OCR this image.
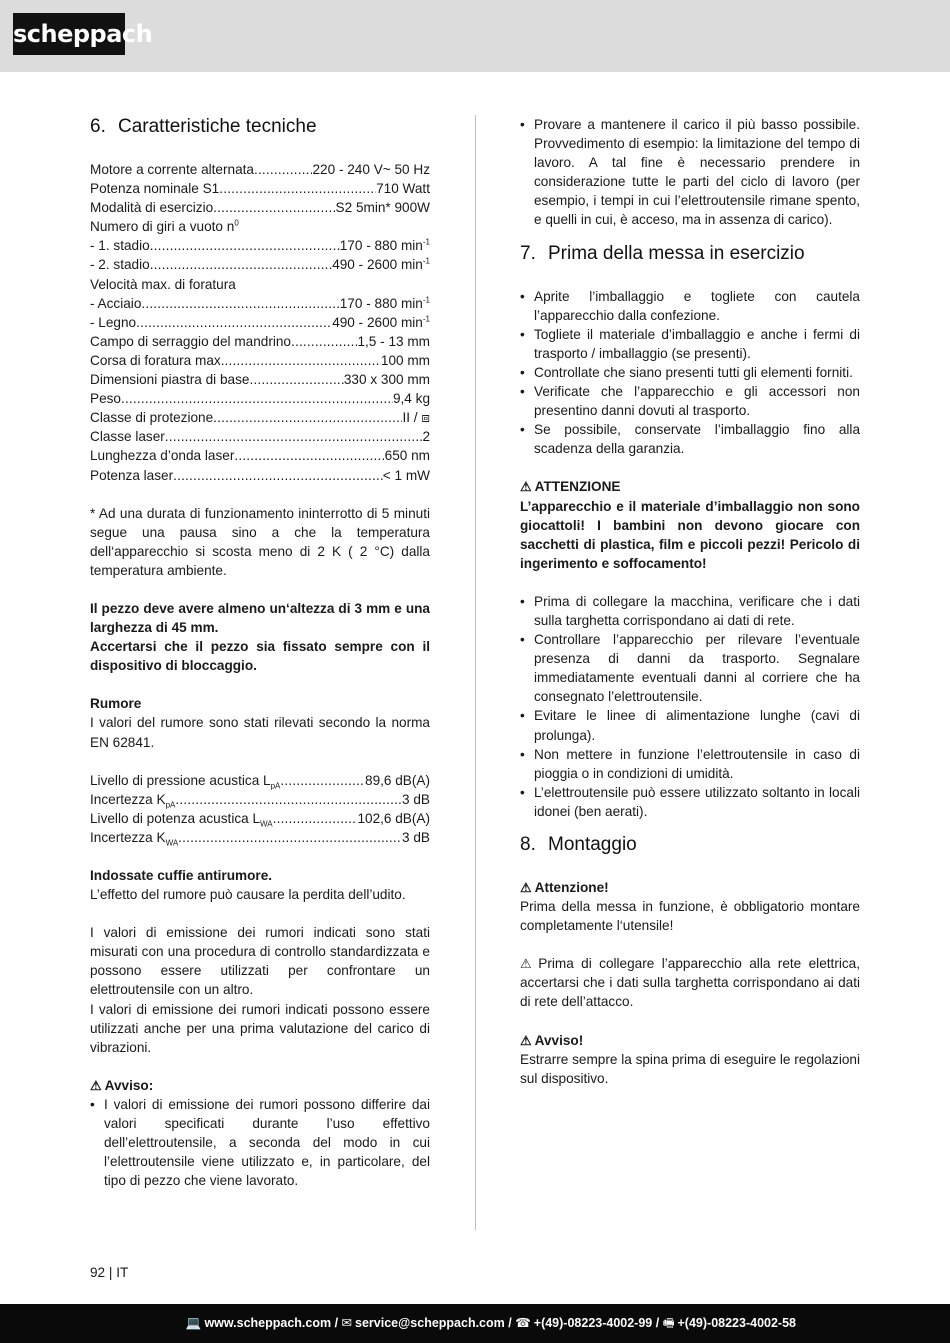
scheppach
6. Caratteristiche tecniche
Motore a corrente alternata .....	220 - 240 V~ 50 Hz
Potenza nominale S1 .....	710 Watt
Modalità di esercizio .....	S2 5min* 900W

Numero di giri a vuoto $n^0$

- 1. stadio .....	170 - 880 $\min^{-1}$
- 2. stadio .....	490 - 2600 $\min^{-1}$

Velocità max. di foratura

- Acciaio .....	170 - 880 $\min^{-1}$
- Legno .....	490 - 2600 $\min^{-1}$
Campo di serraggio del mandrino .....	1,5 - 13 mm
Corsa di foratura max. .....	100 mm
Dimensioni piastra di base .....	330 x 300 mm
Peso .....	9,4 kg
Classe di protezione .....	II / ⧈
Classe laser .....	2
Lunghezza d’onda laser .....	650 nm
Potenza laser .....	< 1 mW

* Ad una durata di funzionamento ininterrotto di 5 minuti segue una pausa sino a che la temperatura dell‘apparecchio si scosta meno di 2 K ( 2 °C) dalla temperatura ambiente.

Il pezzo deve avere almeno un‘altezza di 3 mm e una larghezza di 45 mm.

Accertarsi che il pezzo sia fissato sempre con il dispositivo di bloccaggio.

Rumore

I valori del rumore sono stati rilevati secondo la norma EN 62841.

Livello di pressione acustica $L_{pA}$ .....	89,6 dB(A)
Incertezza $K_{pA}$ .....	3 dB
Livello di potenza acustica $L_{WA}$ .....	102,6 dB(A)
Incertezza $K_{WA}$ .....	3 dB

Indossate cuffie antirumore.

L’effetto del rumore può causare la perdita dell’udito.

I valori di emissione dei rumori indicati sono stati misurati con una procedura di controllo standardizzata e possono essere utilizzati per confrontare un elettroutensile con un altro.

I valori di emissione dei rumori indicati possono essere utilizzati anche per una prima valutazione del carico di vibrazioni.

⚠ Avviso:

• I valori di emissione dei rumori possono differire dai valori specificati durante l’uso effettivo dell’elettroutensile, a seconda del modo in cui l’elettroutensile viene utilizzato e, in particolare, del tipo di pezzo che viene lavorato.
• Provare a mantenere il carico il più basso possibile. Provvedimento di esempio: la limitazione del tempo di lavoro. A tal fine è necessario prendere in considerazione tutte le parti del ciclo di lavoro (per esempio, i tempi in cui l’elettroutensile rimane spento, e quelli in cui, è acceso, ma in assenza di carico).
7. Prima della messa in esercizio
• Aprite l’imballaggio e togliete con cautela l’apparecchio dalla confezione.
• Togliete il materiale d’imballaggio e anche i fermi di trasporto / imballaggio (se presenti).
• Controllate che siano presenti tutti gli elementi forniti.
• Verificate che l’apparecchio e gli accessori non presentino danni dovuti al trasporto.
• Se possibile, conservate l’imballaggio fino alla scadenza della garanzia.

⚠ ATTENZIONE

L’apparecchio e il materiale d’imballaggio non sono giocattoli! I bambini non devono giocare con sacchetti di plastica, film e piccoli pezzi! Pericolo di ingerimento e soffocamento!

• Prima di collegare la macchina, verificare che i dati sulla targhetta corrispondano ai dati di rete.
• Controllare l’apparecchio per rilevare l’eventuale presenza di danni da trasporto. Segnalare immediatamente eventuali danni al corriere che ha consegnato l’elettroutensile.
• Evitare le linee di alimentazione lunghe (cavi di prolunga).
• Non mettere in funzione l’elettroutensile in caso di pioggia o in condizioni di umidità.
• L’elettroutensile può essere utilizzato soltanto in locali idonei (ben aerati).
8. Montaggio

⚠ Attenzione!

Prima della messa in funzione, è obbligatorio montare completamente l‘utensile!

⚠ Prima di collegare l’apparecchio alla rete elettrica, accertarsi che i dati sulla targhetta corrispondano ai dati di rete dell’attacco.

⚠ Avviso!

Estrarre sempre la spina prima di eseguire le regolazioni sul dispositivo.

92 | IT
💻 www.scheppach.com / ✉ service@scheppach.com / ☎ +(49)-08223-4002-99 / 🖷 +(49)-08223-4002-58
